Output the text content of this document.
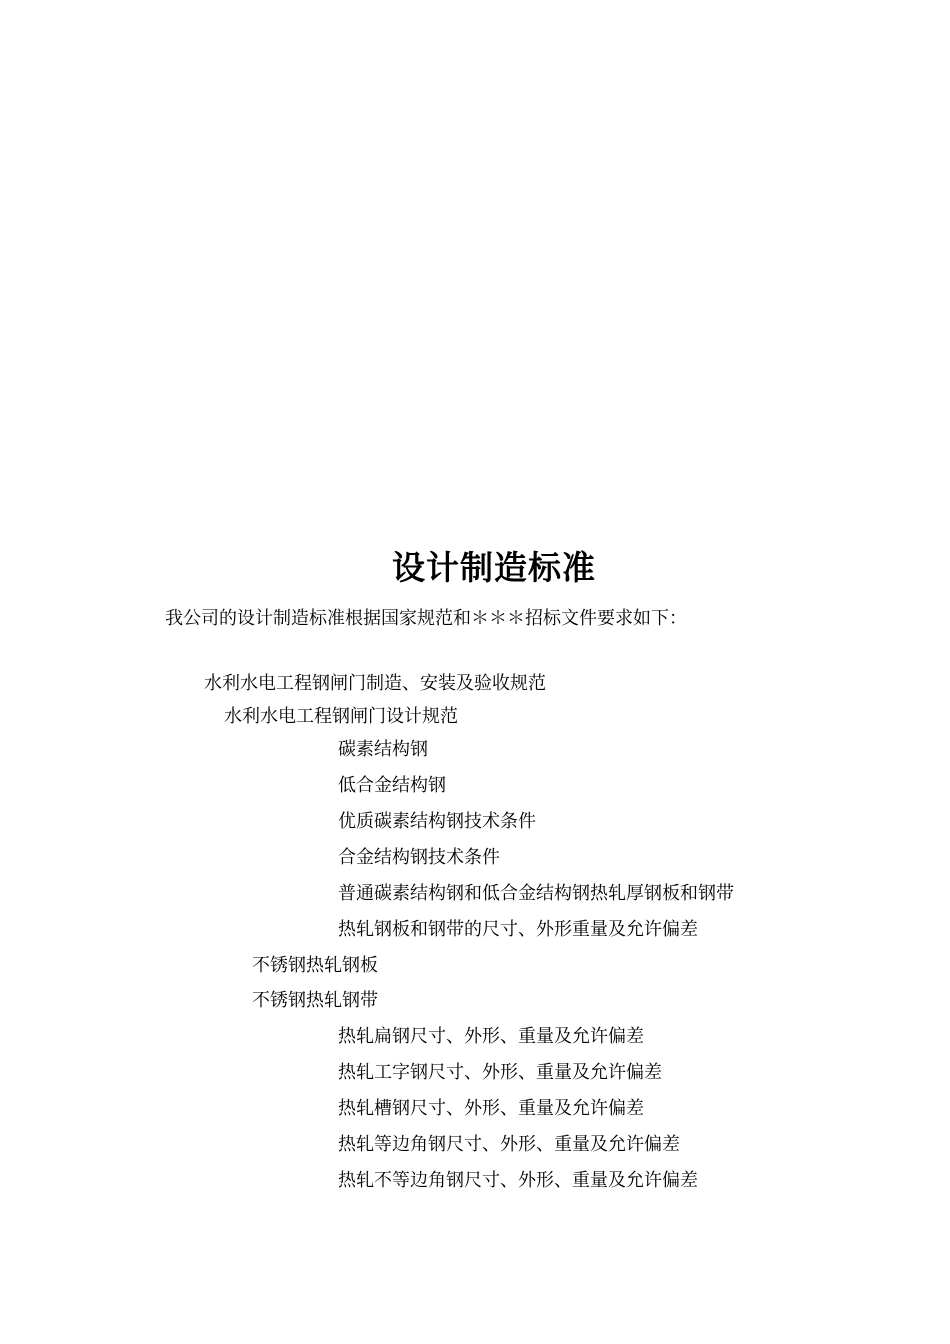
设计制造标准
我公司的设计制造标准根据国家规范和＊＊＊招标文件要求如下：
水利水电工程钢闸门制造、安装及验收规范
水利水电工程钢闸门设计规范
碳素结构钢
低合金结构钢
优质碳素结构钢技术条件
合金结构钢技术条件
普通碳素结构钢和低合金结构钢热轧厚钢板和钢带
热轧钢板和钢带的尺寸、外形重量及允许偏差
不锈钢热轧钢板
不锈钢热轧钢带
热轧扁钢尺寸、外形、重量及允许偏差
热轧工字钢尺寸、外形、重量及允许偏差
热轧槽钢尺寸、外形、重量及允许偏差
热轧等边角钢尺寸、外形、重量及允许偏差
热轧不等边角钢尺寸、外形、重量及允许偏差
